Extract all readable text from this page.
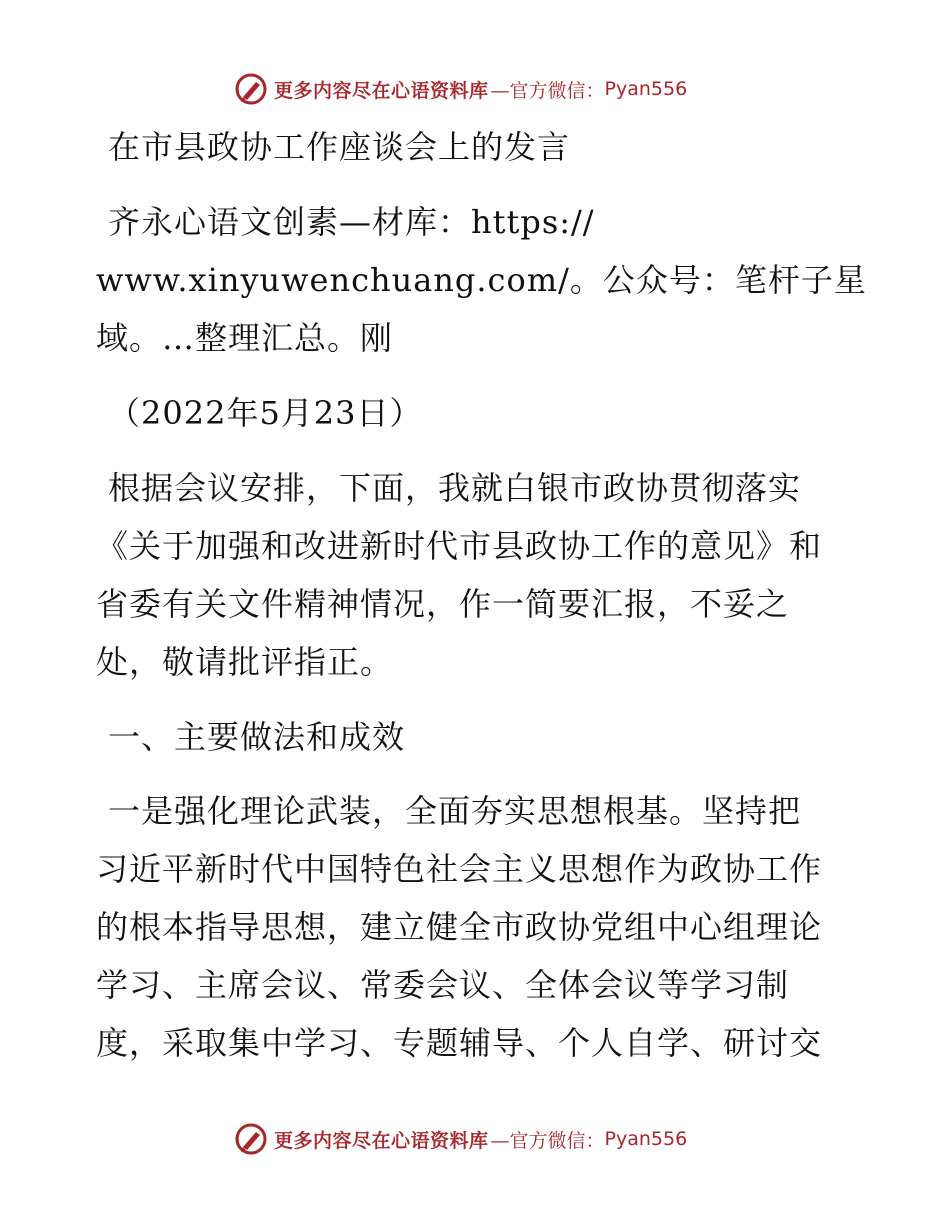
更多内容尽在心语资料库 —官方微信： Pyan556
在市县政协工作座谈会上的发言
齐永心语文创素—材库：https://
www.xinyuwenchuang.com/。公众号：笔杆子星
域。…整理汇总。刚
（2022年5月23日）
根据会议安排，下面，我就白银市政协贯彻落实
《关于加强和改进新时代市县政协工作的意见》和
省委有关文件精神情况，作一简要汇报，不妥之
处，敬请批评指正。
一、主要做法和成效
一是强化理论武装，全面夯实思想根基。坚持把
习近平新时代中国特色社会主义思想作为政协工作
的根本指导思想，建立健全市政协党组中心组理论
学习、主席会议、常委会议、全体会议等学习制
度，采取集中学习、专题辅导、个人自学、研讨交
更多内容尽在心语资料库 —官方微信： Pyan556
